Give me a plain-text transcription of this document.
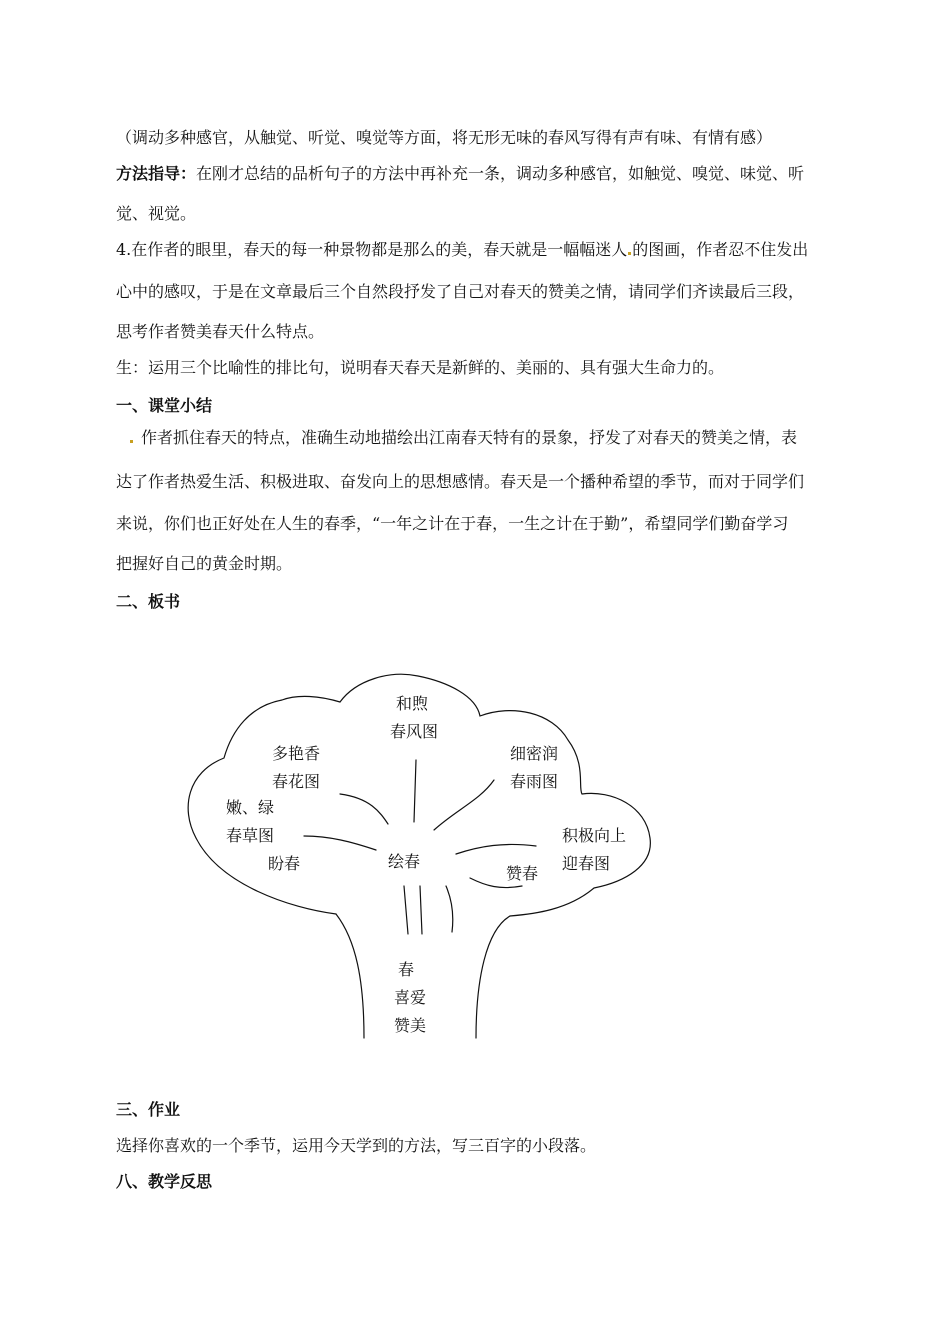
（调动多种感官，从触觉、听觉、嗅觉等方面，将无形无味的春风写得有声有味、有情有感）
方法指导：在刚才总结的品析句子的方法中再补充一条，调动多种感官，如触觉、嗅觉、味觉、听
觉、视觉。
4.在作者的眼里，春天的每一种景物都是那么的美，春天就是一幅幅迷人 的图画，作者忍不住发出
心中的感叹，于是在文章最后三个自然段抒发了自己对春天的赞美之情，请同学们齐读最后三段，
思考作者赞美春天什么特点。
生：运用三个比喻性的排比句，说明春天春天是新鲜的、美丽的、具有强大生命力的。
一、课堂小结
作者抓住春天的特点，准确生动地描绘出江南春天特有的景象，抒发了对春天的赞美之情，表
达了作者热爱生活、积极进取、奋发向上的思想感情。春天是一个播种希望的季节，而对于同学们
来说，你们也正好处在人生的春季，“一年之计在于春，一生之计在于勤”，希望同学们勤奋学习
把握好自己的黄金时期。
二、板书
和煦
春风图
多艳香
春花图
细密润
春雨图
嫩、绿
春草图
盼春	绘春
积极向上
迎春图
赞春
春
喜爱
赞美
三、作业
选择你喜欢的一个季节，运用今天学到的方法，写三百字的小段落。
八、教学反思
